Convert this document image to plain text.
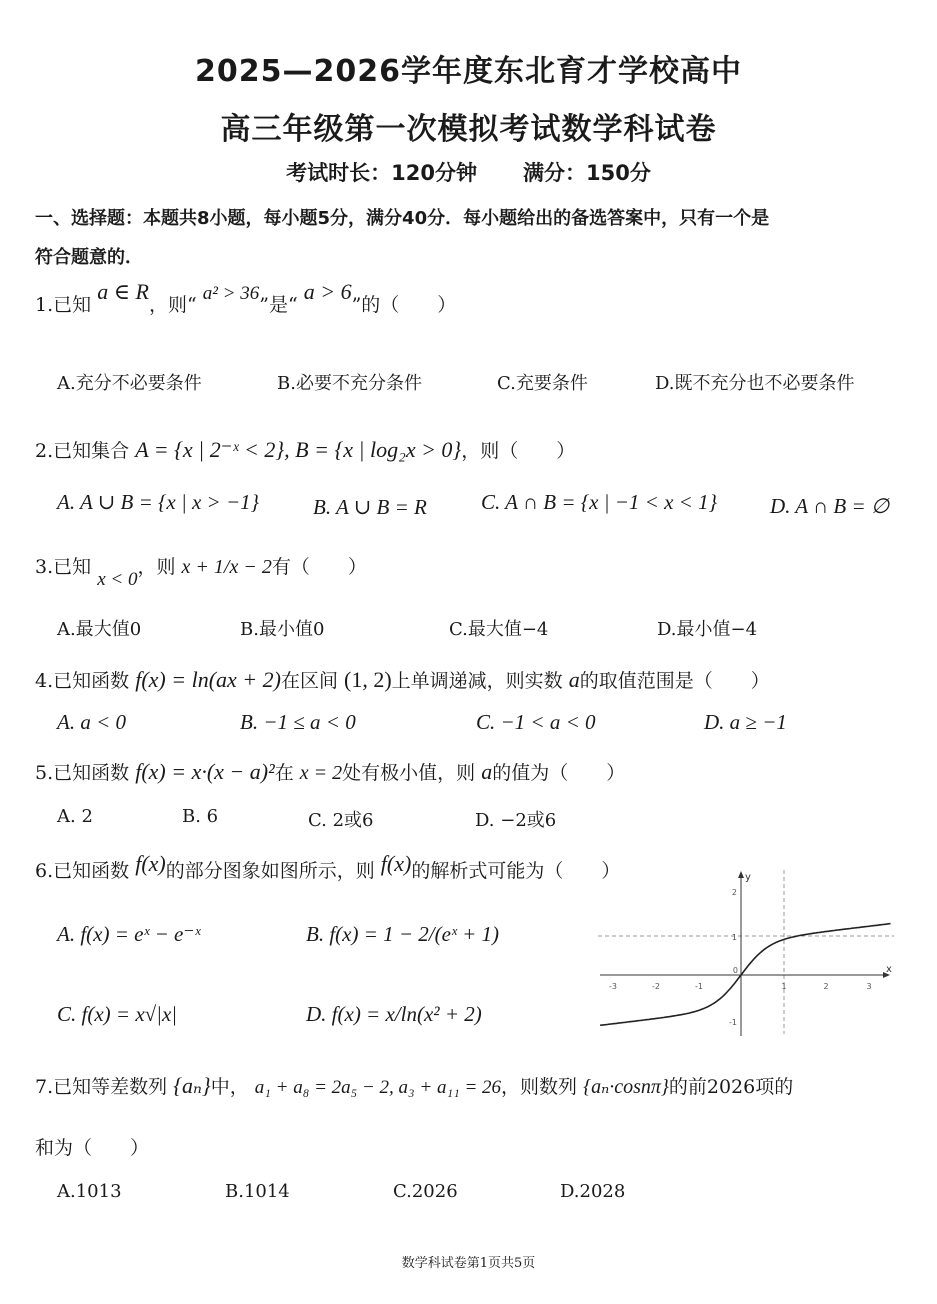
2025—2026学年度东北育才学校高中
高三年级第一次模拟考试数学科试卷
考试时长：120分钟 满分：150分
一、选择题：本题共8小题，每小题5分，满分40分．每小题给出的备选答案中，只有一个是
符合题意的．
1.已知 a ∈ R，则“ a² > 36”是“ a > 6”的（　　）
A.充分不必要条件	B.必要不充分条件	C.充要条件	D.既不充分也不必要条件
2.已知集合 A = {x | 2⁻ˣ < 2}, B = {x | log₂x > 0}，则（　　）
A. A ∪ B = {x | x > −1}	B. A ∪ B = R	C. A ∩ B = {x | −1 < x < 1}	D. A ∩ B = ∅
3.已知 x < 0，则 x + 1/x − 2有（　　）
A.最大值0	B.最小值0	C.最大值−4	D.最小值−4
4.已知函数 f(x) = ln(ax + 2)在区间 (1, 2)上单调递减，则实数 a的取值范围是（　　）
A. a < 0	B. −1 ≤ a < 0	C. −1 < a < 0	D. a ≥ −1
5.已知函数 f(x) = x·(x − a)²在 x = 2处有极小值，则 a的值为（　　）
A. 2	B. 6	C. 2或6	D. −2或6
6.已知函数 f(x)的部分图象如图所示，则 f(x)的解析式可能为（　　）
A. f(x) = eˣ − e⁻ˣ	B. f(x) = 1 − 2/(eˣ + 1)
C. f(x) = x√|x|	D. f(x) = x/ln(x² + 2)
x
y
-3	-2	-1	1	2	3
2
1
0
-1
7.已知等差数列 {aₙ}中， a₁ + a₈ = 2a₅ − 2, a₃ + a₁₁ = 26，则数列 {aₙ·cosnπ}的前2026项的
和为（　　）
A.1013	B.1014	C.2026	D.2028
数学科试卷第1页共5页
